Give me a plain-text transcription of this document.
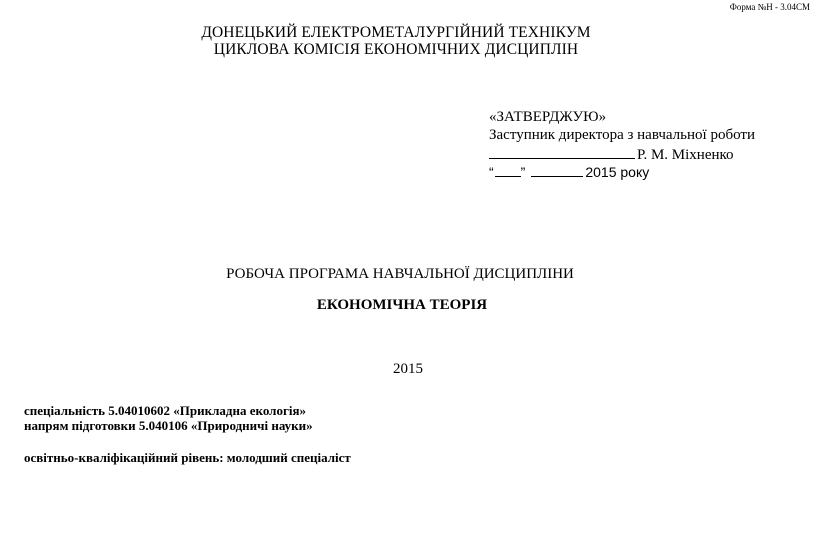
Форма №Н - 3.04СМ
ДОНЕЦЬКИЙ ЕЛЕКТРОМЕТАЛУРГІЙНИЙ ТЕХНІКУМ
ЦИКЛОВА КОМІСІЯ ЕКОНОМІЧНИХ ДИСЦИПЛІН
«ЗАТВЕРДЖУЮ»
Заступник директора з навчальної роботи
Р. М. Міхненко
“ ”	2015 року
РОБОЧА ПРОГРАМА НАВЧАЛЬНОЇ ДИСЦИПЛІНИ
ЕКОНОМІЧНА ТЕОРІЯ
2015
спеціальність 5.04010602 «Прикладна екологія»
напрям підготовки 5.040106 «Природничі науки»
освітньо-кваліфікаційний рівень: молодший спеціаліст
